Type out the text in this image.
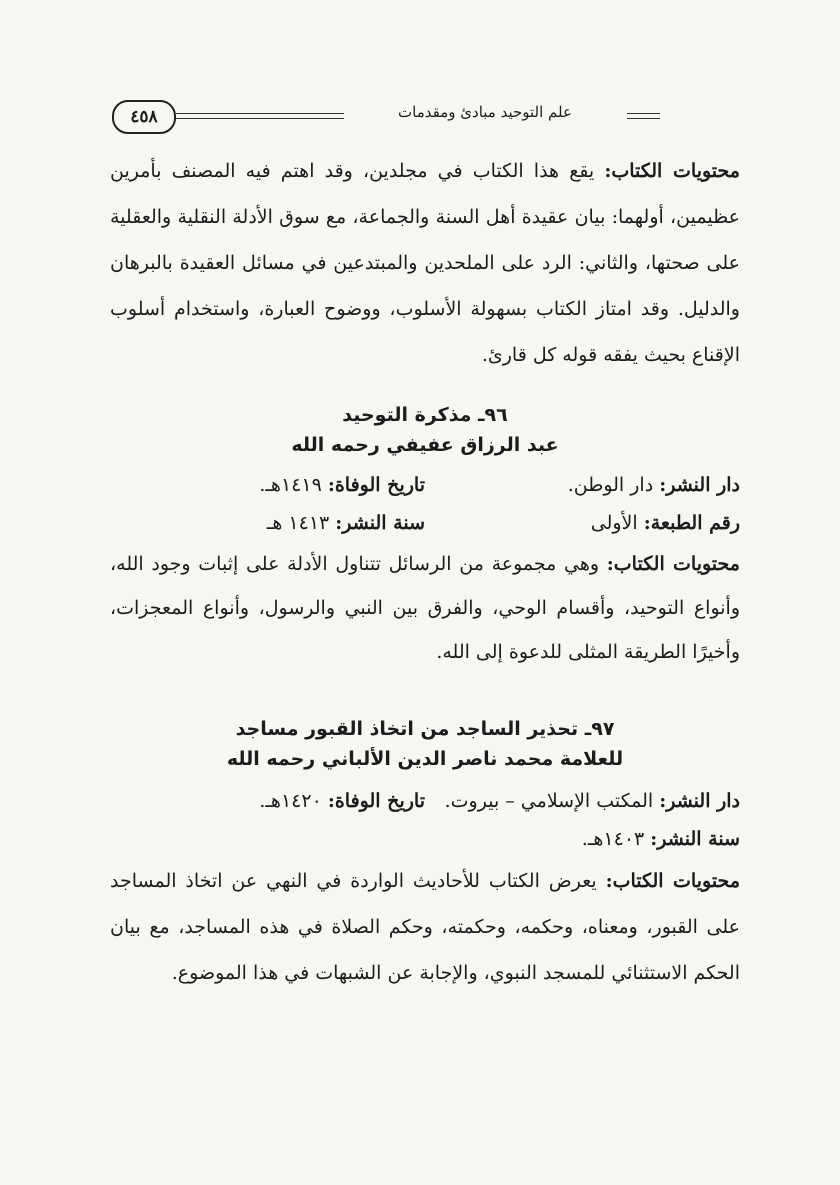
٤٥٨	علم التوحيد مبادئ ومقدمات

محتويات الكتاب: يقع هذا الكتاب في مجلدين، وقد اهتم فيه المصنف بأمرين عظيمين، أولهما: بيان عقيدة أهل السنة والجماعة، مع سوق الأدلة النقلية والعقلية على صحتها، والثاني: الرد على الملحدين والمبتدعين في مسائل العقيدة بالبرهان والدليل. وقد امتاز الكتاب بسهولة الأسلوب، ووضوح العبارة، واستخدام أسلوب الإقناع بحيث يفقه قوله كل قارئ.

٩٦ـ مذكرة التوحيد

عبد الرزاق عفيفي رحمه الله

دار النشر: دار الوطن.
تاريخ الوفاة: ١٤١٩هـ.
رقم الطبعة: الأولى
سنة النشر: ١٤١٣ هـ

محتويات الكتاب: وهي مجموعة من الرسائل تتناول الأدلة على إثبات وجود الله، وأنواع التوحيد، وأقسام الوحي، والفرق بين النبي والرسول، وأنواع المعجزات، وأخيرًا الطريقة المثلى للدعوة إلى الله.

٩٧ـ تحذير الساجد من اتخاذ القبور مساجد

للعلامة محمد ناصر الدين الألباني رحمه الله

دار النشر: المكتب الإسلامي – بيروت.
تاريخ الوفاة: ١٤٢٠هـ.
سنة النشر: ١٤٠٣هـ.

محتويات الكتاب: يعرض الكتاب للأحاديث الواردة في النهي عن اتخاذ المساجد على القبور، ومعناه، وحكمه، وحكمته، وحكم الصلاة في هذه المساجد، مع بيان الحكم الاستثنائي للمسجد النبوي، والإجابة عن الشبهات في هذا الموضوع.
